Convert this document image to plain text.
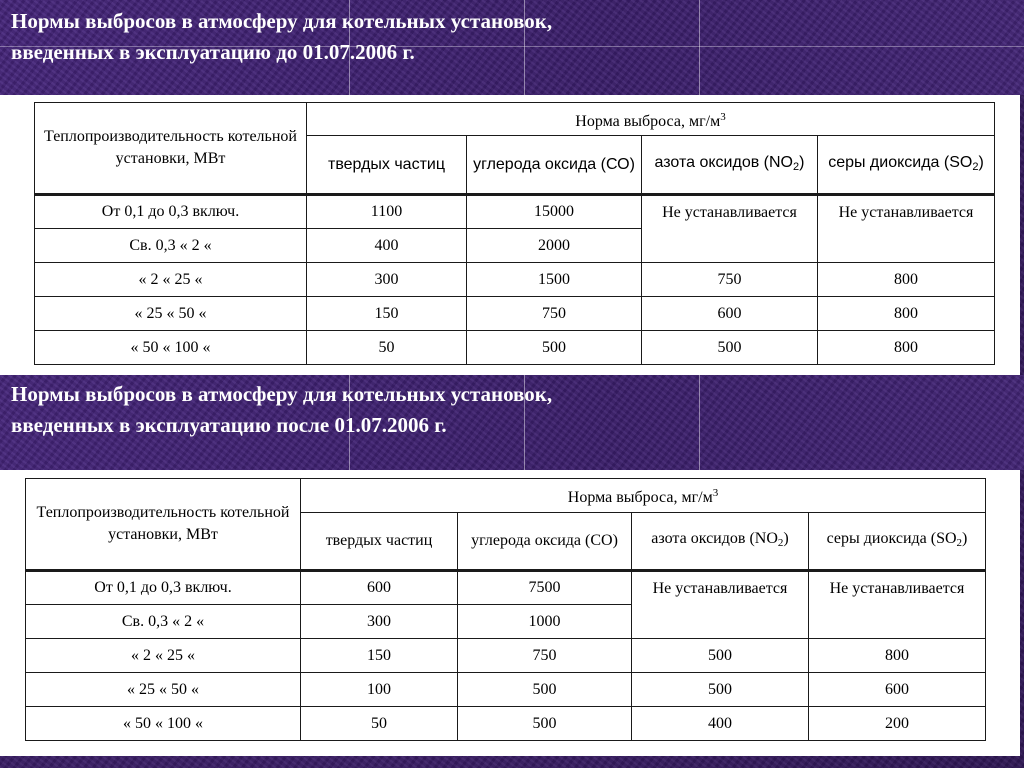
Нормы выбросов в атмосферу для котельных установок,
введенных в эксплуатацию до 01.07.2006 г.
Теплопроизводительность котельной установки, МВт	Норма выброса, $мг/м^3$
	твердых частиц	углерода оксида (СО)	азота оксидов $(NO_2)$	серы диоксида $(SO_2)$
От 0,1 до 0,3 включ.	1100	15000	Не устанавливается	Не устанавливается
Св. 0,3 « 2 «	400	2000		
« 2 « 25 «	300	1500	750	800
« 25 « 50 «	150	750	600	800
« 50 « 100 «	50	500	500	800
Нормы выбросов в атмосферу для котельных установок,
введенных в эксплуатацию после 01.07.2006 г.
Теплопроизводительность котельной установки, МВт	Норма выброса, $мг/м^3$
	твердых частиц	углерода оксида (СО)	азота оксидов $(NO_2)$	серы диоксида $(SO_2)$
От 0,1 до 0,3 включ.	600	7500	Не устанавливается	Не устанавливается
Св. 0,3 « 2 «	300	1000		
« 2 « 25 «	150	750	500	800
« 25 « 50 «	100	500	500	600
« 50 « 100 «	50	500	400	200
